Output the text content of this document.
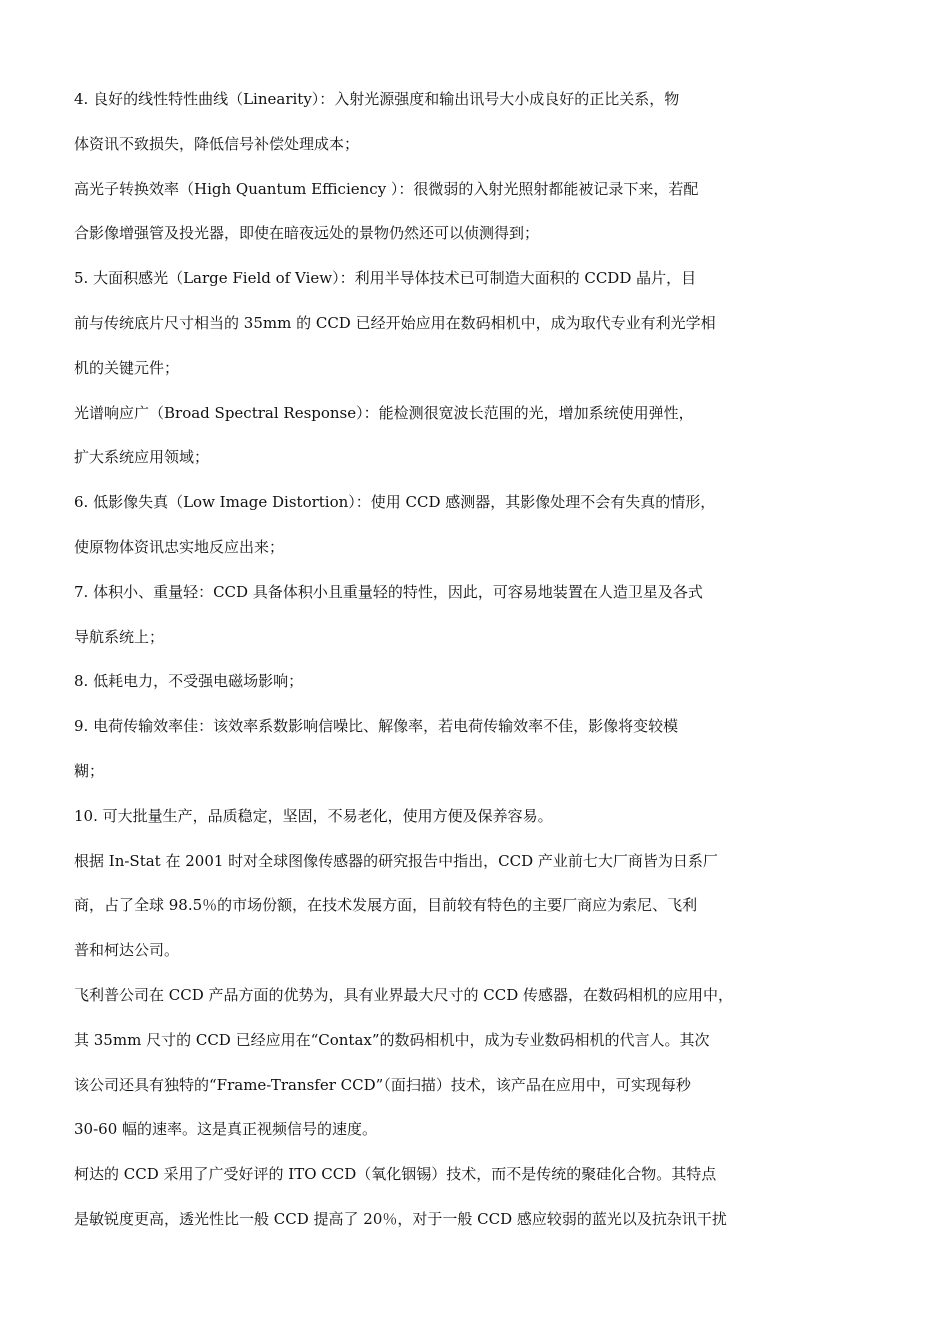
4. 良好的线性特性曲线（Linearity）：入射光源强度和输出讯号大小成良好的正比关系，物
体资讯不致损失，降低信号补偿处理成本；
高光子转换效率（High Quantum Efficiency ）：很微弱的入射光照射都能被记录下来，若配
合影像增强管及投光器，即使在暗夜远处的景物仍然还可以侦测得到；
5. 大面积感光（Large Field of View）：利用半导体技术已可制造大面积的 CCDD 晶片，目
前与传统底片尺寸相当的 35mm 的 CCD 已经开始应用在数码相机中，成为取代专业有利光学相
机的关键元件；
光谱响应广（Broad Spectral Response）：能检测很宽波长范围的光，增加系统使用弹性，
扩大系统应用领域；
6. 低影像失真（Low Image Distortion）：使用 CCD 感测器，其影像处理不会有失真的情形，
使原物体资讯忠实地反应出来；
7. 体积小、重量轻：CCD 具备体积小且重量轻的特性，因此，可容易地装置在人造卫星及各式
导航系统上；
8. 低耗电力，不受强电磁场影响；
9. 电荷传输效率佳：该效率系数影响信噪比、解像率，若电荷传输效率不佳，影像将变较模
糊；
10. 可大批量生产，品质稳定，坚固，不易老化，使用方便及保养容易。
根据 In-Stat 在 2001 时对全球图像传感器的研究报告中指出，CCD 产业前七大厂商皆为日系厂
商，占了全球 98.5％的市场份额，在技术发展方面，目前较有特色的主要厂商应为索尼、飞利
普和柯达公司。
飞利普公司在 CCD 产品方面的优势为，具有业界最大尺寸的 CCD 传感器，在数码相机的应用中，
其 35mm 尺寸的 CCD 已经应用在“Contax”的数码相机中，成为专业数码相机的代言人。其次
该公司还具有独特的“Frame-Transfer CCD”（面扫描）技术，该产品在应用中，可实现每秒
30-60 幅的速率。这是真正视频信号的速度。
柯达的 CCD 采用了广受好评的 ITO CCD（氧化铟锡）技术，而不是传统的聚硅化合物。其特点
是敏锐度更高，透光性比一般 CCD 提高了 20％，对于一般 CCD 感应较弱的蓝光以及抗杂讯干扰
